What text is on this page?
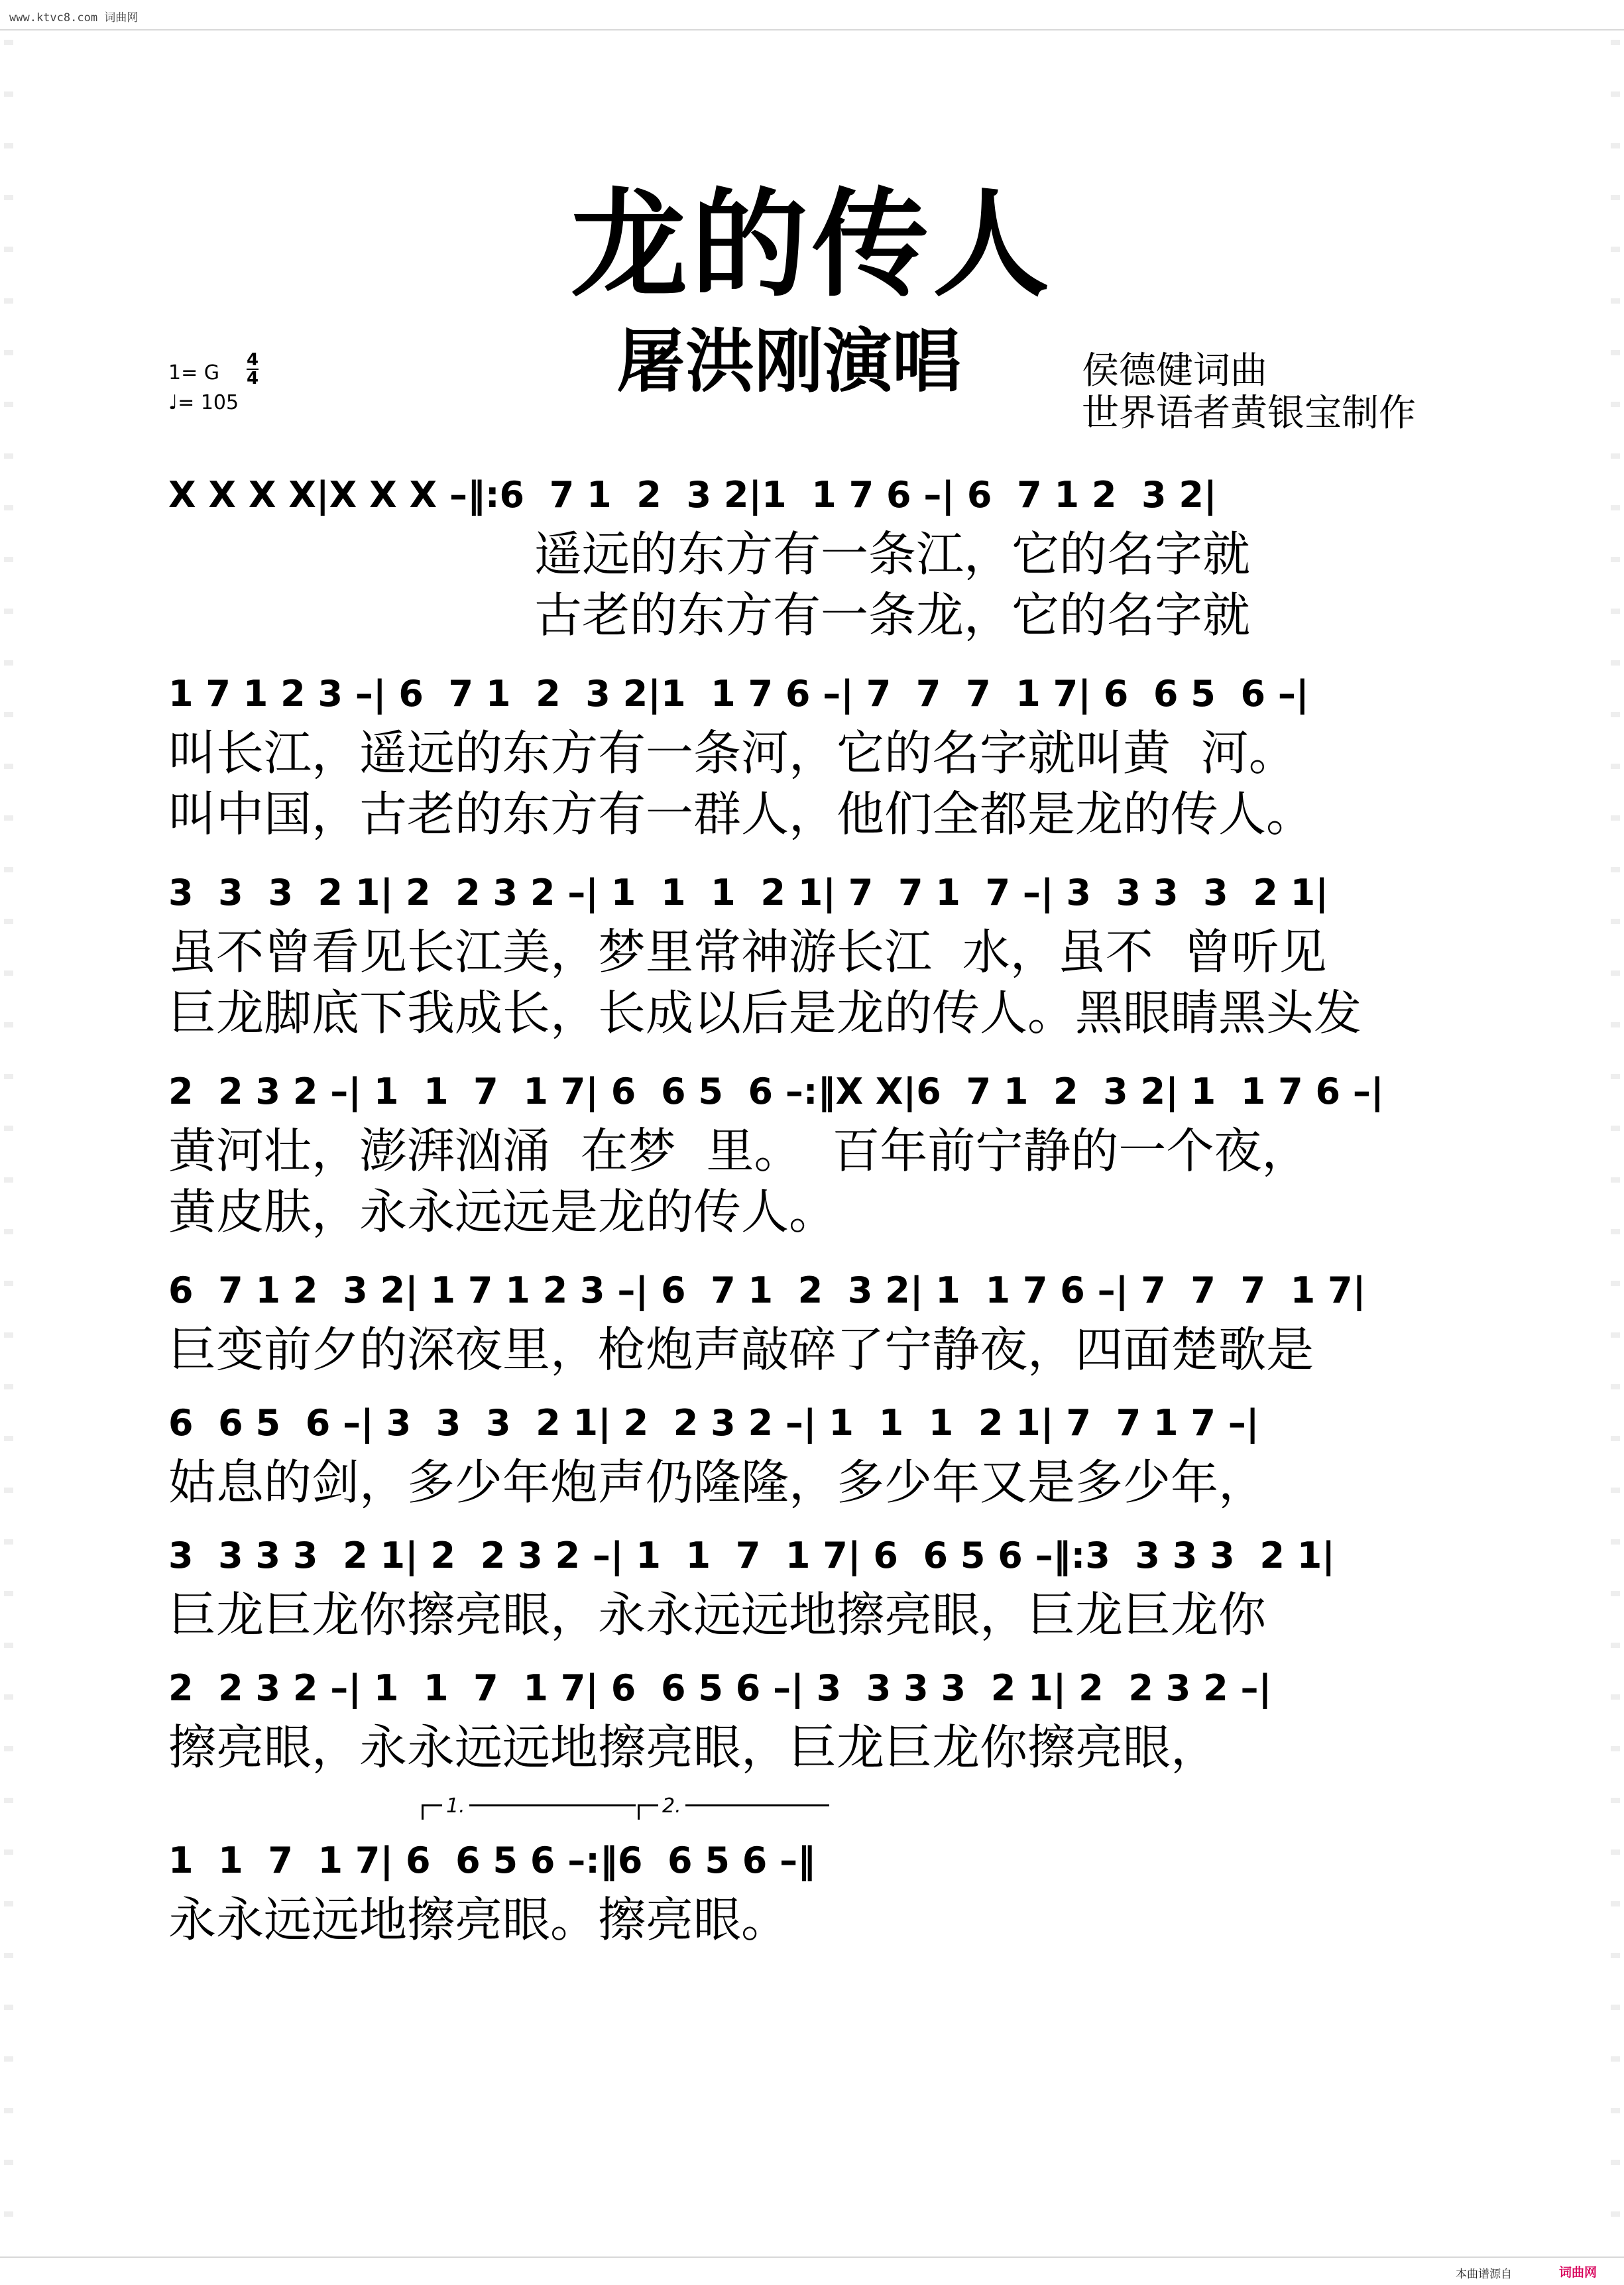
www.ktvc8.com 词曲网
龙的传人
屠洪刚演唱	侯德健词曲
世界语者黄银宝制作
1= G
4
4
♩= 105
X X X X|X X X –‖:6  7 1  2  3 2|1  1 7 6 –| 6  7 1 2  3 2|
遥远的东方有一条江，它的名字就
古老的东方有一条龙，它的名字就
1 7 1 2 3 –| 6  7 1  2  3 2|1  1 7 6 –| 7  7  7  1 7| 6  6 5  6 –|
叫长江，遥远的东方有一条河，它的名字就叫黄  河。
叫中国，古老的东方有一群人，他们全都是龙的传人。
3  3  3  2 1| 2  2 3 2 –| 1  1  1  2 1| 7  7 1  7 –| 3  3 3  3  2 1|
虽不曾看见长江美，梦里常神游长江  水，虽不  曾听见
巨龙脚底下我成长，长成以后是龙的传人。黑眼睛黑头发
2  2 3 2 –| 1  1  7  1 7| 6  6 5  6 –:‖X X|6  7 1  2  3 2| 1  1 7 6 –|
黄河壮，澎湃汹涌  在梦  里。  百年前宁静的一个夜，
黄皮肤，永永远远是龙的传人。
6  7 1 2  3 2| 1 7 1 2 3 –| 6  7 1  2  3 2| 1  1 7 6 –| 7  7  7  1 7|
巨变前夕的深夜里，枪炮声敲碎了宁静夜，四面楚歌是
6  6 5  6 –| 3  3  3  2 1| 2  2 3 2 –| 1  1  1  2 1| 7  7 1 7 –|
姑息的剑，多少年炮声仍隆隆，多少年又是多少年，
3  3 3 3  2 1| 2  2 3 2 –| 1  1  7  1 7| 6  6 5 6 –‖:3  3 3 3  2 1|
巨龙巨龙你擦亮眼，永永远远地擦亮眼，巨龙巨龙你
2  2 3 2 –| 1  1  7  1 7| 6  6 5 6 –| 3  3 3 3  2 1| 2  2 3 2 –|
擦亮眼，永永远远地擦亮眼，巨龙巨龙你擦亮眼，
1.	2.
1  1  7  1 7| 6  6 5 6 –:‖6  6 5 6 –‖
永永远远地擦亮眼。擦亮眼。
本曲谱源自	词曲网
